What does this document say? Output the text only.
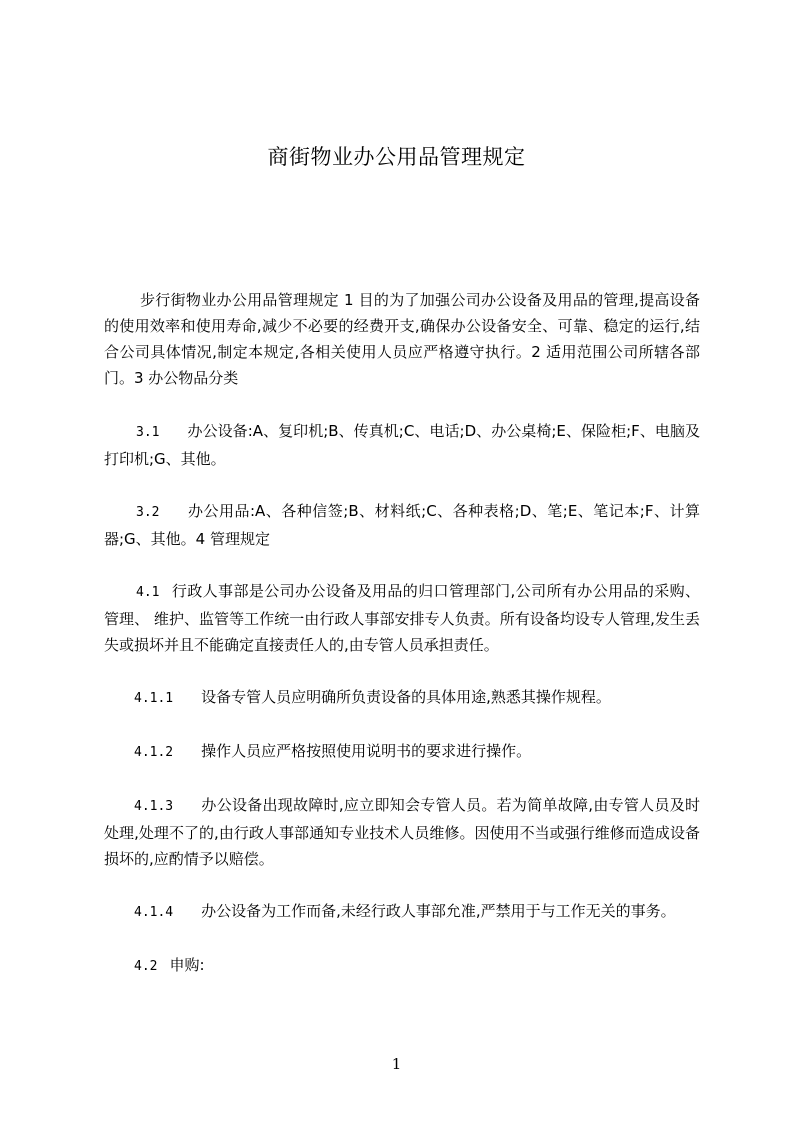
商街物业办公用品管理规定

步行街物业办公用品管理规定 1 目的为了加强公司办公设备及用品的管理,提高设备的使用效率和使用寿命,减少不必要的经费开支,确保办公设备安全、可靠、稳定的运行,结合公司具体情况,制定本规定,各相关使用人员应严格遵守执行。2 适用范围公司所辖各部门。3 办公物品分类

3.1 办公设备:A、复印机;B、传真机;C、电话;D、办公桌椅;E、保险柜;F、电脑及打印机;G、其他。

3.2 办公用品:A、各种信签;B、材料纸;C、各种表格;D、笔;E、笔记本;F、计算器;G、其他。4 管理规定

4.1 行政人事部是公司办公设备及用品的归口管理部门,公司所有办公用品的采购、管理、 维护、监管等工作统一由行政人事部安排专人负责。所有设备均设专人管理,发生丢失或损坏并且不能确定直接责任人的,由专管人员承担责任。

4.1.1 设备专管人员应明确所负责设备的具体用途,熟悉其操作规程。

4.1.2 操作人员应严格按照使用说明书的要求进行操作。

4.1.3 办公设备出现故障时,应立即知会专管人员。若为简单故障,由专管人员及时处理,处理不了的,由行政人事部通知专业技术人员维修。因使用不当或强行维修而造成设备损坏的,应酌情予以赔偿。

4.1.4 办公设备为工作而备,未经行政人事部允准,严禁用于与工作无关的事务。

4.2 申购:

1
